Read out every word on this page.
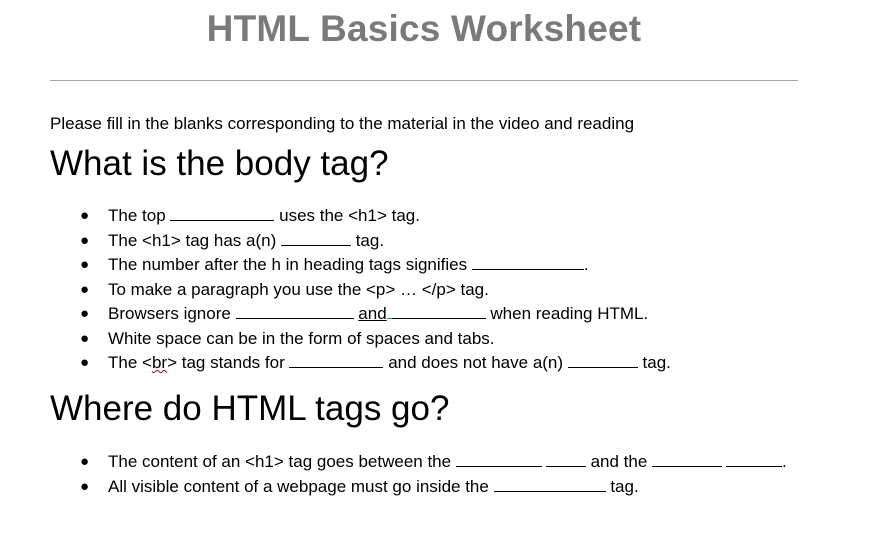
HTML Basics Worksheet
Please fill in the blanks corresponding to the material in the video and reading
What is the body tag?
● The top	uses the <h1> tag.
● The <h1> tag has a(n)	tag.
● The number after the h in heading tags signifies	.
● To make a paragraph you use the <p> … </p> tag.
● Browsers ignore	and	when reading HTML.
● White space can be in the form of spaces and tabs.
● The <br> tag stands for	and does not have a(n)	tag.
Where do HTML tags go?
● The content of an <h1> tag goes between the	and the	.
● All visible content of a webpage must go inside the	tag.
